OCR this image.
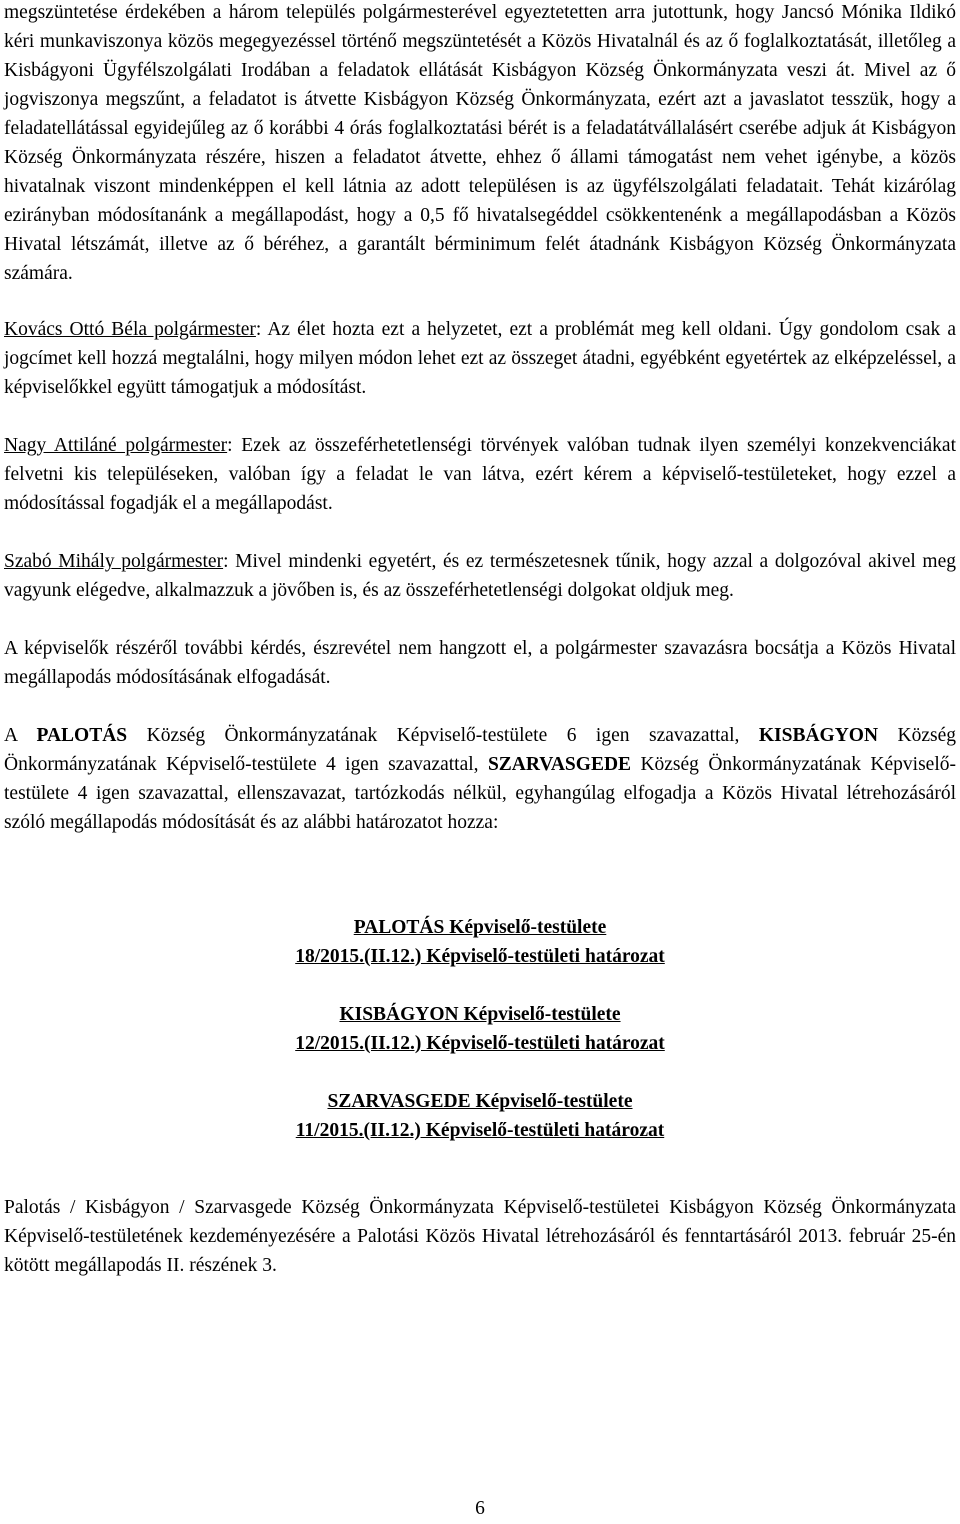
megszüntetése érdekében a három település polgármesterével egyeztetetten arra jutottunk, hogy Jancsó Mónika Ildikó kéri munkaviszonya közös megegyezéssel történő megszüntetését a Közös Hivatalnál és az ő foglalkoztatását, illetőleg a Kisbágyoni Ügyfélszolgálati Irodában a feladatok ellátását Kisbágyon Község Önkormányzata veszi át. Mivel az ő jogviszonya megszűnt, a feladatot is átvette Kisbágyon Község Önkormányzata, ezért azt a javaslatot tesszük, hogy a feladatellátással egyidejűleg az ő korábbi 4 órás foglalkoztatási bérét is a feladatátvállalásért cserébe adjuk át Kisbágyon Község Önkormányzata részére, hiszen a feladatot átvette, ehhez ő állami támogatást nem vehet igénybe, a közös hivatalnak viszont mindenképpen el kell látnia az adott településen is az ügyfélszolgálati feladatait. Tehát kizárólag ezirányban módosítanánk a megállapodást, hogy a 0,5 fő hivatalsegéddel csökkentenénk a megállapodásban a Közös Hivatal létszámát, illetve az ő béréhez, a garantált bérminimum felét átadnánk Kisbágyon Község Önkormányzata számára.

Kovács Ottó Béla polgármester: Az élet hozta ezt a helyzetet, ezt a problémát meg kell oldani. Úgy gondolom csak a jogcímet kell hozzá megtalálni, hogy milyen módon lehet ezt az összeget átadni, egyébként egyetértek az elképzeléssel, a képviselőkkel együtt támogatjuk a módosítást.

Nagy Attiláné polgármester: Ezek az összeférhetetlenségi törvények valóban tudnak ilyen személyi konzekvenciákat felvetni kis településeken, valóban így a feladat le van látva, ezért kérem a képviselő-testületeket, hogy ezzel a módosítással fogadják el a megállapodást.

Szabó Mihály polgármester: Mivel mindenki egyetért, és ez természetesnek tűnik, hogy azzal a dolgozóval akivel meg vagyunk elégedve, alkalmazzuk a jövőben is, és az összeférhetetlenségi dolgokat oldjuk meg.

A képviselők részéről további kérdés, észrevétel nem hangzott el, a polgármester szavazásra bocsátja a Közös Hivatal megállapodás módosításának elfogadását.

A PALOTÁS Község Önkormányzatának Képviselő-testülete 6 igen szavazattal, KISBÁGYON Község Önkormányzatának Képviselő-testülete 4 igen szavazattal, SZARVASGEDE Község Önkormányzatának Képviselő-testülete 4 igen szavazattal, ellenszavazat, tartózkodás nélkül, egyhangúlag elfogadja a Közös Hivatal létrehozásáról szóló megállapodás módosítását és az alábbi határozatot hozza:

PALOTÁS Képviselő-testülete
18/2015.(II.12.) Képviselő-testületi határozat
KISBÁGYON Képviselő-testülete
12/2015.(II.12.) Képviselő-testületi határozat
SZARVASGEDE Képviselő-testülete
11/2015.(II.12.) Képviselő-testületi határozat

Palotás / Kisbágyon / Szarvasgede Község Önkormányzata Képviselő-testületei Kisbágyon Község Önkormányzata Képviselő-testületének kezdeményezésére a Palotási Közös Hivatal létrehozásáról és fenntartásáról 2013. február 25-én kötött megállapodás II. részének 3.

6
